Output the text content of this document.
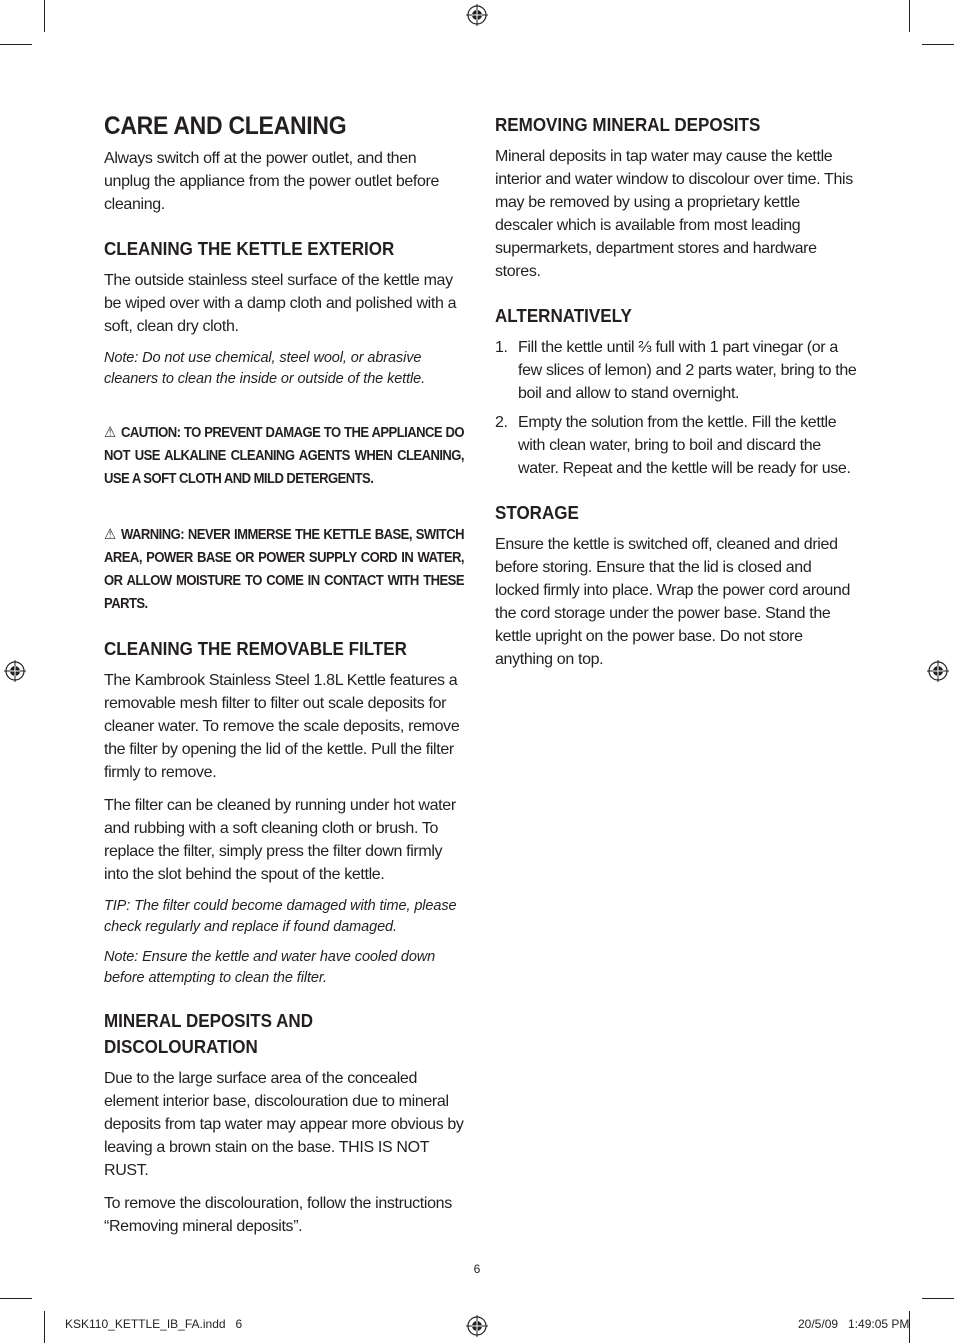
CARE AND CLEANING

Always switch off at the power outlet, and then unplug the appliance from the power outlet before cleaning.

CLEANING THE KETTLE EXTERIOR

The outside stainless steel surface of the kettle may be wiped over with a damp cloth and polished with a soft, clean dry cloth.

Note: Do not use chemical, steel wool, or abrasive cleaners to clean the inside or outside of the kettle.
⚠ CAUTION: TO PREVENT DAMAGE TO THE APPLIANCE DO NOT USE ALKALINE CLEANING AGENTS WHEN CLEANING, USE A SOFT CLOTH AND MILD DETERGENTS.
⚠ WARNING: NEVER IMMERSE THE KETTLE BASE, SWITCH AREA, POWER BASE OR POWER SUPPLY CORD IN WATER, OR ALLOW MOISTURE TO COME IN CONTACT WITH THESE PARTS.
CLEANING THE REMOVABLE FILTER

The Kambrook Stainless Steel 1.8L Kettle features a removable mesh filter to filter out scale deposits for cleaner water. To remove the scale deposits, remove the filter by opening the lid of the kettle. Pull the filter firmly to remove.

The filter can be cleaned by running under hot water and rubbing with a soft cleaning cloth or brush. To replace the filter, simply press the filter down firmly into the slot behind the spout of the kettle.

TIP: The filter could become damaged with time, please check regularly and replace if found damaged.
Note: Ensure the kettle and water have cooled down before attempting to clean the filter.
MINERAL DEPOSITS AND DISCOLOURATION

Due to the large surface area of the concealed element interior base, discolouration due to mineral deposits from tap water may appear more obvious by leaving a brown stain on the base. THIS IS NOT RUST.

To remove the discolouration, follow the instructions “Removing mineral deposits”.

REMOVING MINERAL DEPOSITS

Mineral deposits in tap water may cause the kettle interior and water window to discolour over time. This may be removed by using a proprietary kettle descaler which is available from most leading supermarkets, department stores and hardware stores.

ALTERNATIVELY
1. Fill the kettle until ⅔ full with 1 part vinegar (or a few slices of lemon) and 2 parts water, bring to the boil and allow to stand overnight.
2. Empty the solution from the kettle. Fill the kettle with clean water, bring to boil and discard the water. Repeat and the kettle will be ready for use.
STORAGE

Ensure the kettle is switched off, cleaned and dried before storing. Ensure that the lid is closed and locked firmly into place. Wrap the power cord around the cord storage under the power base. Stand the kettle upright on the power base. Do not store anything on top.

6
KSK110_KETTLE_IB_FA.indd   6	20/5/09   1:49:05 PM
